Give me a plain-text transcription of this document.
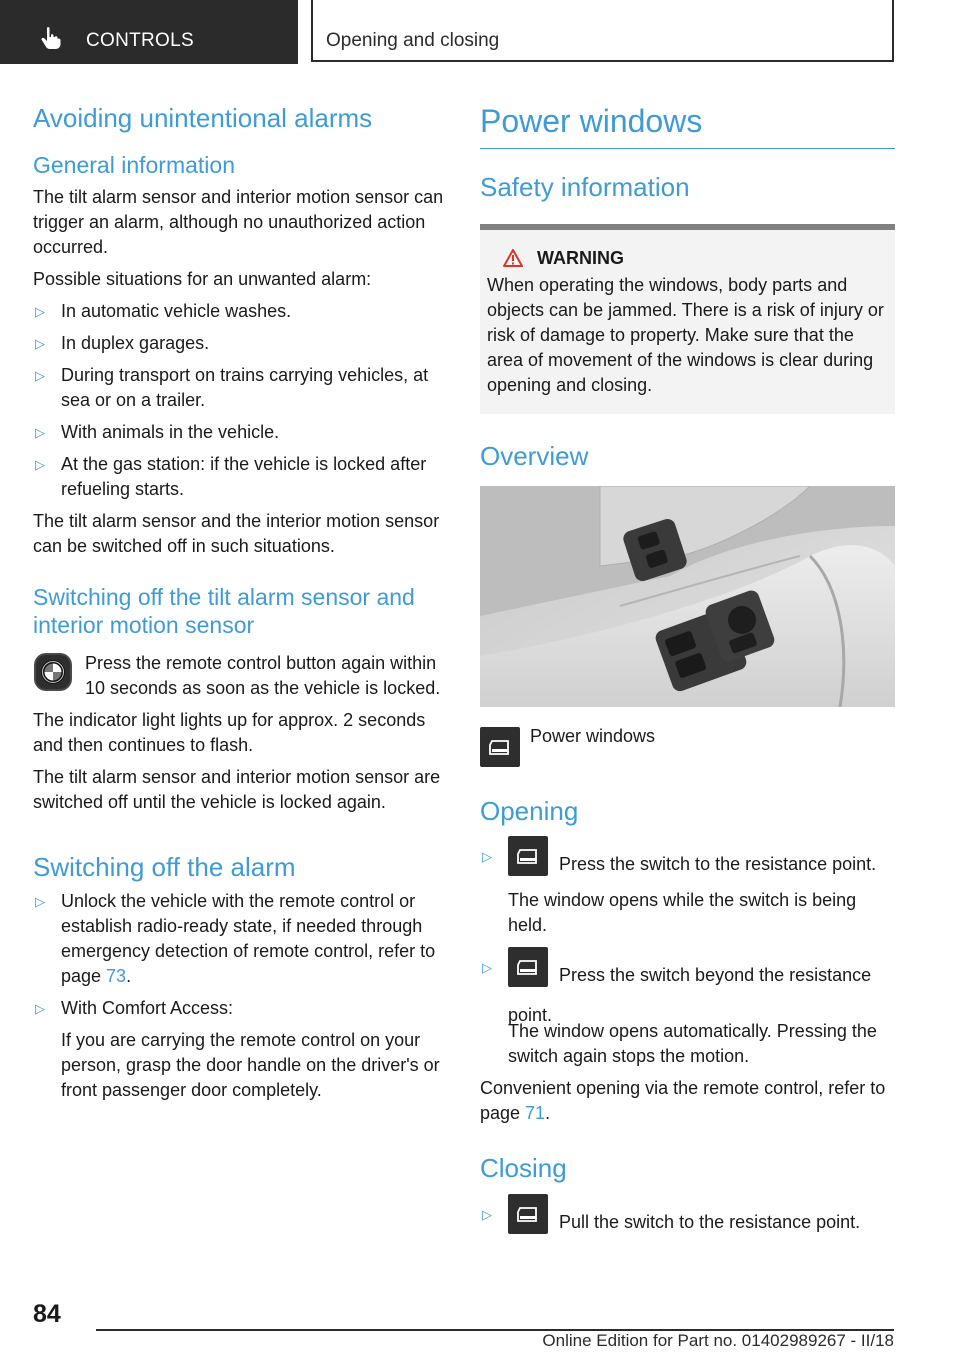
CONTROLS	Opening and closing
Avoiding unintentional alarms
General information

The tilt alarm sensor and interior motion sensor can trigger an alarm, although no unauthorized action occurred.

Possible situations for an unwanted alarm:

▷ In automatic vehicle washes.
▷ In duplex garages.
▷ During transport on trains carrying vehicles, at sea or on a trailer.
▷ With animals in the vehicle.
▷ At the gas station: if the vehicle is locked after refueling starts.

The tilt alarm sensor and the interior motion sensor can be switched off in such situations.

Switching off the tilt alarm sensor and interior motion sensor

Press the remote control button again within 10 seconds as soon as the vehicle is locked.

The indicator light lights up for approx. 2 seconds and then continues to flash.

The tilt alarm sensor and interior motion sensor are switched off until the vehicle is locked again.

Switching off the alarm
▷ Unlock the vehicle with the remote control or establish radio-ready state, if needed through emergency detection of remote control, refer to page 73.
▷ With Comfort Access:

If you are carrying the remote control on your person, grasp the door handle on the driver's or front passenger door completely.

Power windows
Safety information
WARNING

When operating the windows, body parts and objects can be jammed. There is a risk of injury or risk of damage to property. Make sure that the area of movement of the windows is clear during opening and closing.

Overview

Power windows

Opening
▷	Press the switch to the resistance point.

The window opens while the switch is being held.

▷	Press the switch beyond the resistance point.

The window opens automatically. Pressing the switch again stops the motion.

Convenient opening via the remote control, refer to page 71.

Closing
▷	Pull the switch to the resistance point.
84
Online Edition for Part no. 01402989267 - II/18
